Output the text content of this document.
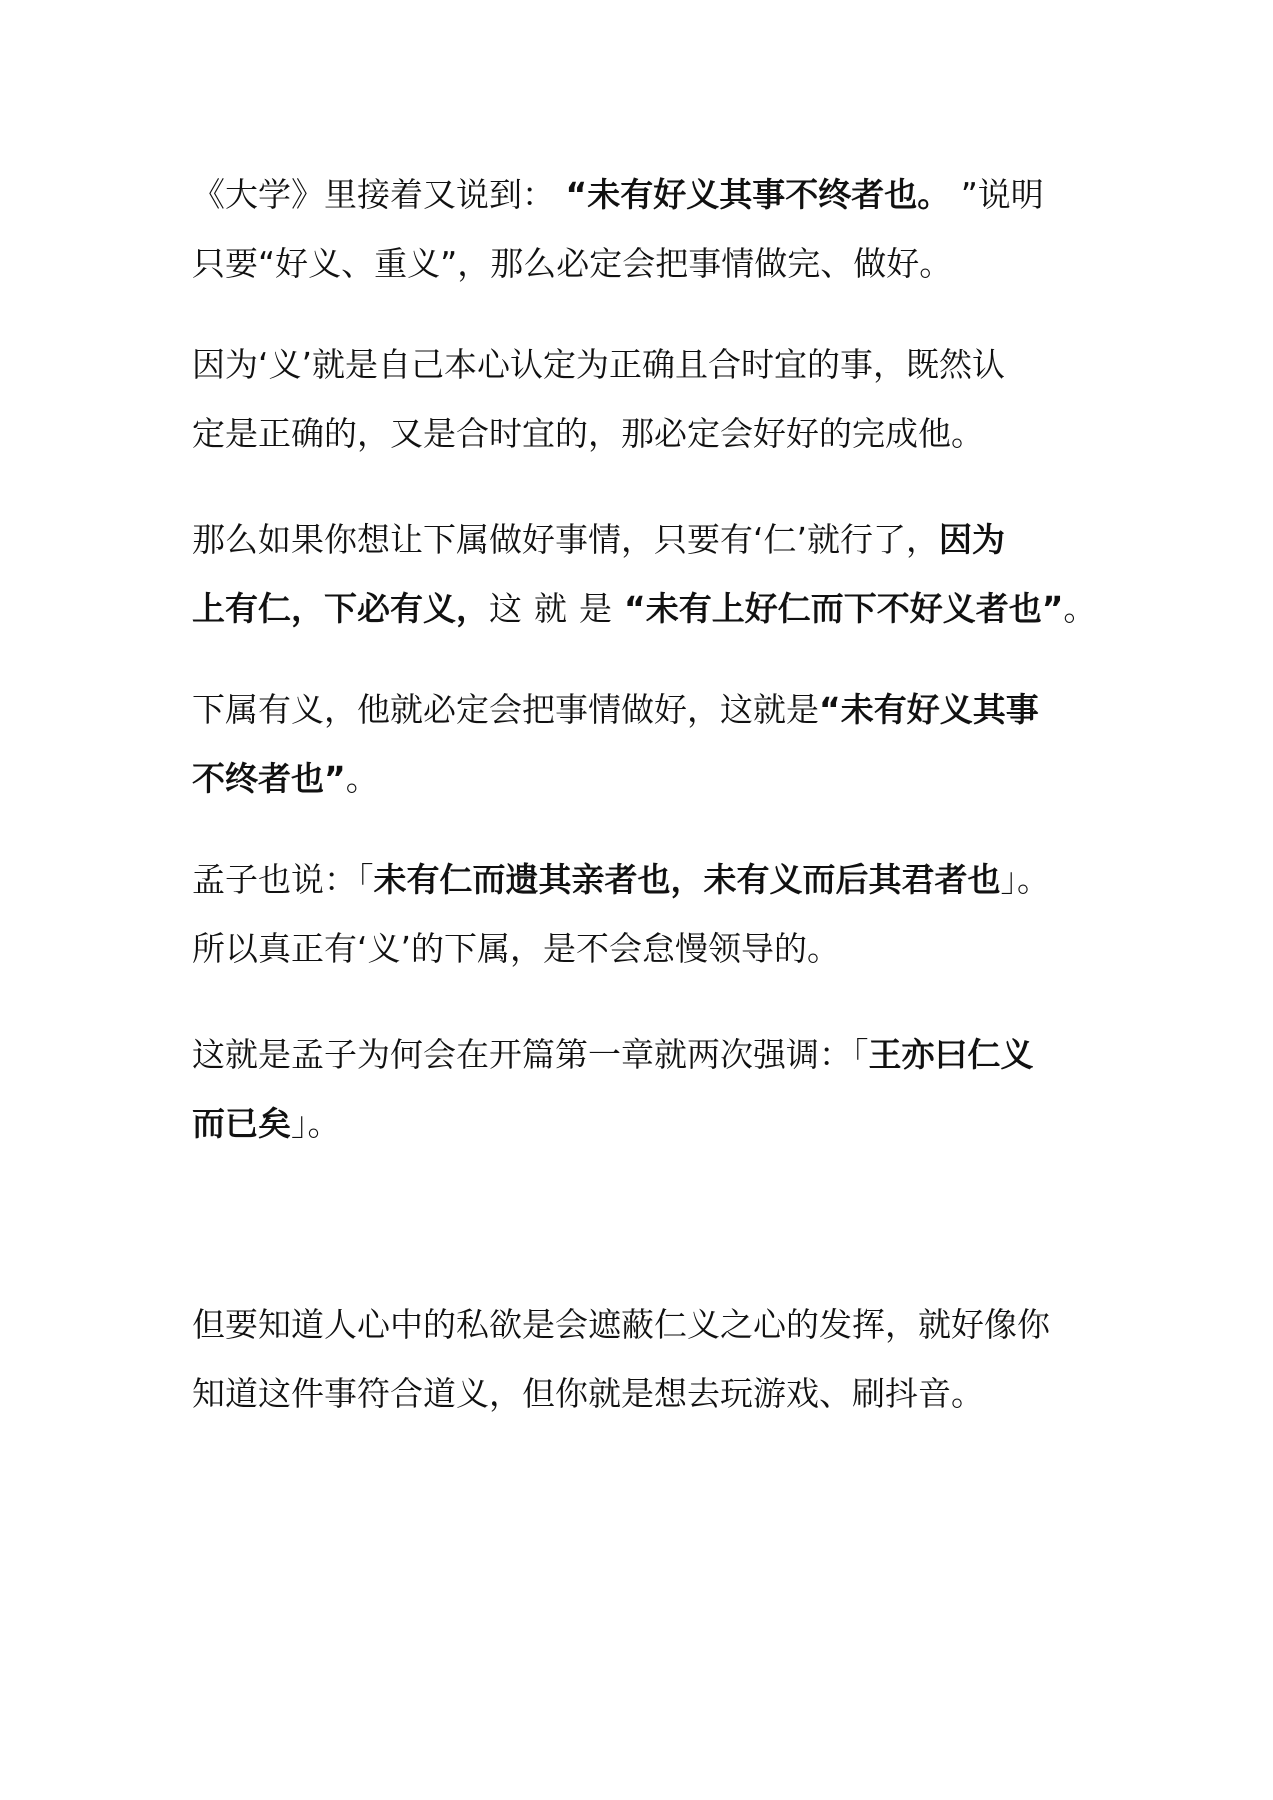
《大学》里接着又说到： “未有好义其事不终者也。 ”说明
只要“好义、重义”，那么必定会把事情做完、做好。
因为‘义’就是自己本心认定为正确且合时宜的事，既然认
定是正确的，又是合时宜的，那必定会好好的完成他。
那么如果你想让下属做好事情，只要有‘仁’就行了，因为
上有仁，下必有义，这就是“未有上好仁而下不好义者也”。
下属有义，他就必定会把事情做好，这就是“未有好义其事
不终者也”。
孟子也说：「未有仁而遗其亲者也，未有义而后其君者也」。
所以真正有‘义’的下属，是不会怠慢领导的。
这就是孟子为何会在开篇第一章就两次强调：「王亦曰仁义
而已矣」。
但要知道人心中的私欲是会遮蔽仁义之心的发挥，就好像你
知道这件事符合道义，但你就是想去玩游戏、刷抖音。
